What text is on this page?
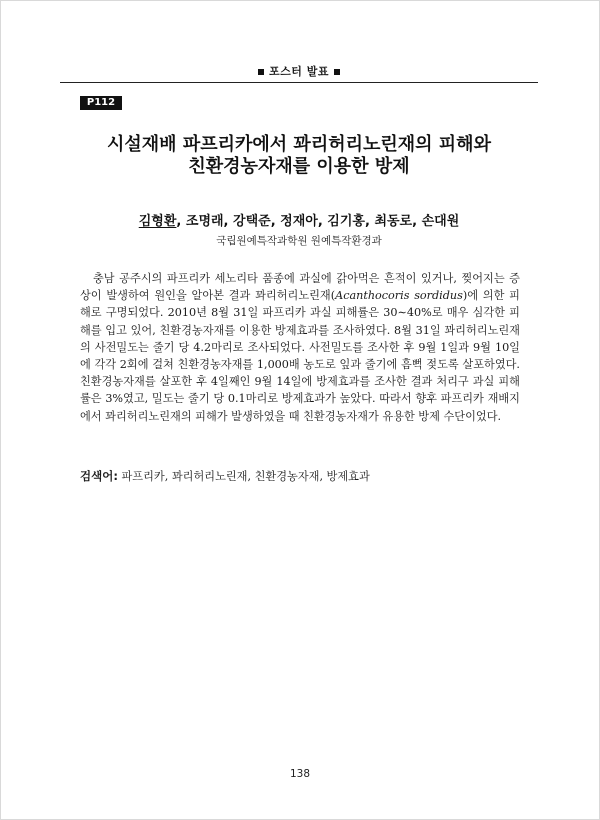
포스터 발표
P112
시설재배 파프리카에서 꽈리허리노린재의 피해와
친환경농자재를 이용한 방제
김형환, 조명래, 강택준, 정재아, 김기홍, 최동로, 손대원
국립원예특작과학원 원예특작환경과

충남 공주시의 파프리카 세노리타 품종에 과실에 갉아먹은 흔적이 있거나, 찢어지는 증상이 발생하여 원인을 알아본 결과 꽈리허리노린재(Acanthocoris sordidus)에 의한 피해로 구명되었다. 2010년 8월 31일 파프리카 과실 피해률은 30∼40%로 매우 심각한 피해를 입고 있어, 친환경농자재를 이용한 방제효과를 조사하였다. 8월 31일 꽈리허리노린재의 사전밀도는 줄기 당 4.2마리로 조사되었다. 사전밀도를 조사한 후 9월 1일과 9월 10일에 각각 2회에 걸쳐 친환경농자재를 1,000배 농도로 잎과 줄기에 흠뻑 젖도록 살포하였다. 친환경농자재를 살포한 후 4일째인 9월 14일에 방제효과를 조사한 결과 처리구 과실 피해률은 3%였고, 밀도는 줄기 당 0.1마리로 방제효과가 높았다. 따라서 향후 파프리카 재배지에서 꽈리허리노린재의 피해가 발생하였을 때 친환경농자재가 유용한 방제 수단이었다.

검색어: 파프리카, 꽈리허리노린재, 친환경농자재, 방제효과
138
